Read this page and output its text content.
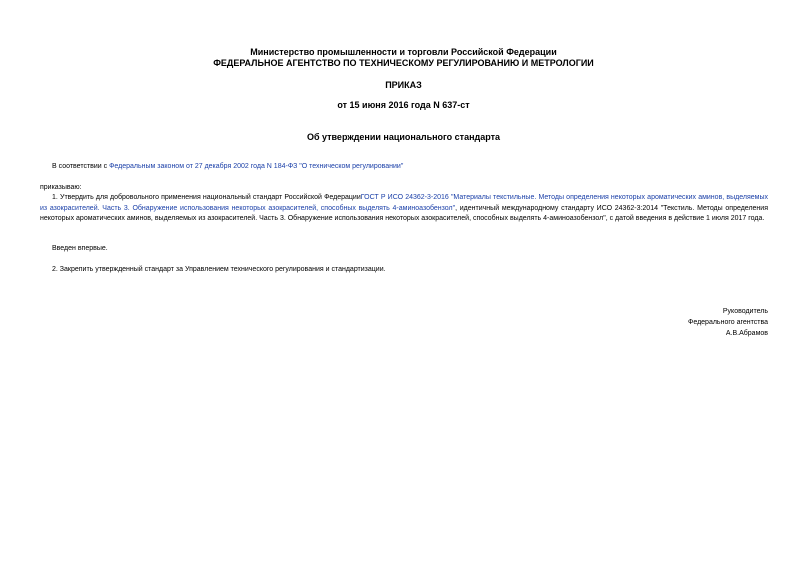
Министерство промышленности и торговли Российской Федерации
ФЕДЕРАЛЬНОЕ АГЕНТСТВО ПО ТЕХНИЧЕСКОМУ РЕГУЛИРОВАНИЮ И МЕТРОЛОГИИ
ПРИКАЗ
от 15 июня 2016 года N 637-ст
Об утверждении национального стандарта
В соответствии с Федеральным законом от 27 декабря 2002 года N 184-ФЗ "О техническом регулировании"
приказываю:
1. Утвердить для добровольного применения национальный стандарт Российской ФедерацииГОСТ Р ИСО 24362-3-2016 "Материалы текстильные. Методы определения некоторых ароматических аминов, выделяемых из азокрасителей. Часть 3. Обнаружение использования некоторых азокрасителей, способных выделять 4-аминоазобензол", идентичный международному стандарту ИСО 24362-3:2014 "Текстиль. Методы определения некоторых ароматических аминов, выделяемых из азокрасителей. Часть 3. Обнаружение использования некоторых азокрасителей, способных выделять 4-аминоазобензол", с датой введения в действие 1 июля 2017 года.
Введен впервые.
2. Закрепить утвержденный стандарт за Управлением технического регулирования и стандартизации.
Руководитель
Федерального агентства
А.В.Абрамов
